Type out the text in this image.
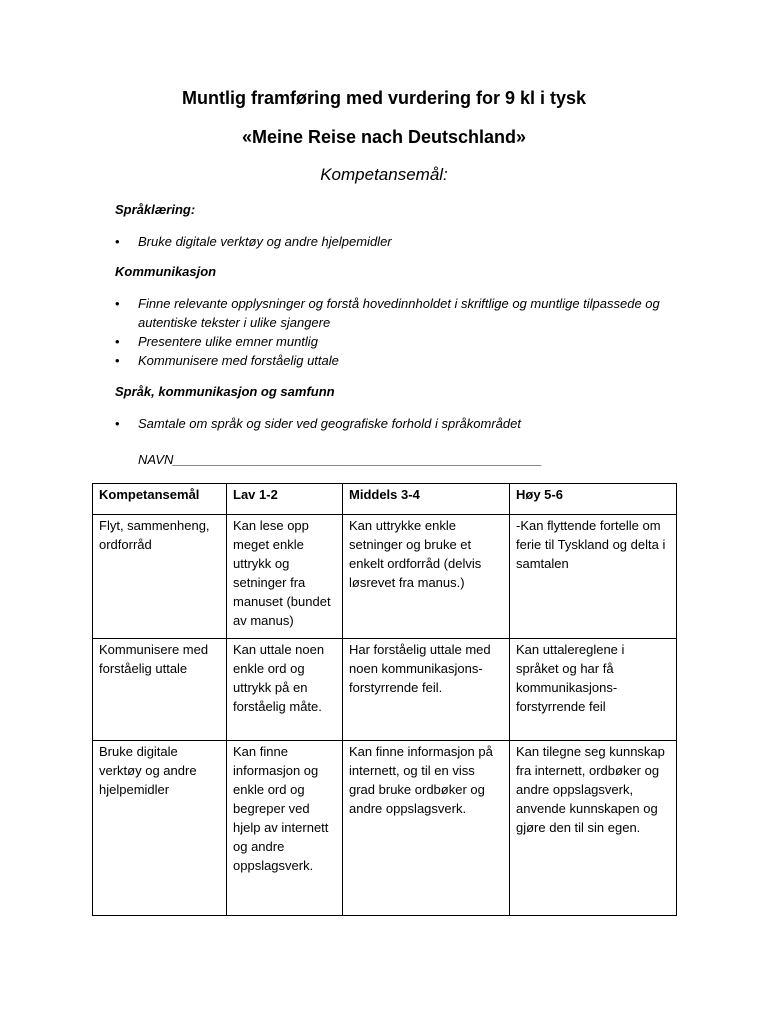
Muntlig framføring med vurdering for 9 kl i tysk
«Meine Reise nach Deutschland»
Kompetansemål:
Språklæring:
• Bruke digitale verktøy og andre hjelpemidler
Kommunikasjon
• Finne relevante opplysninger og forstå hovedinnholdet i skriftlige og muntlige tilpassede og autentiske tekster i ulike sjangere
• Presentere ulike emner muntlig
• Kommunisere med forståelig uttale
Språk, kommunikasjon og samfunn
• Samtale om språk og sider ved geografiske forhold i språkområdet
NAVN___________________________________________________
Kompetansemål	Lav 1-2	Middels 3-4	Høy 5-6
Flyt, sammenheng, ordforråd	Kan lese opp meget enkle uttrykk og setninger fra manuset (bundet av manus)	Kan uttrykke enkle setninger og bruke et enkelt ordforråd (delvis løsrevet fra manus.)	-Kan flyttende fortelle om ferie til Tyskland og delta i samtalen
Kommunisere med forståelig uttale	Kan uttale noen enkle ord og uttrykk på en forståelig måte.	Har forståelig uttale med noen kommunikasjons-forstyrrende feil.	Kan uttalereglene i språket og har få kommunikasjons-forstyrrende feil
Bruke digitale verktøy og andre hjelpemidler	Kan finne informasjon og enkle ord og begreper ved hjelp av internett og andre oppslagsverk.	Kan finne informasjon på internett, og til en viss grad bruke ordbøker og andre oppslagsverk.	Kan tilegne seg kunnskap fra internett, ordbøker og andre oppslagsverk, anvende kunnskapen og gjøre den til sin egen.
